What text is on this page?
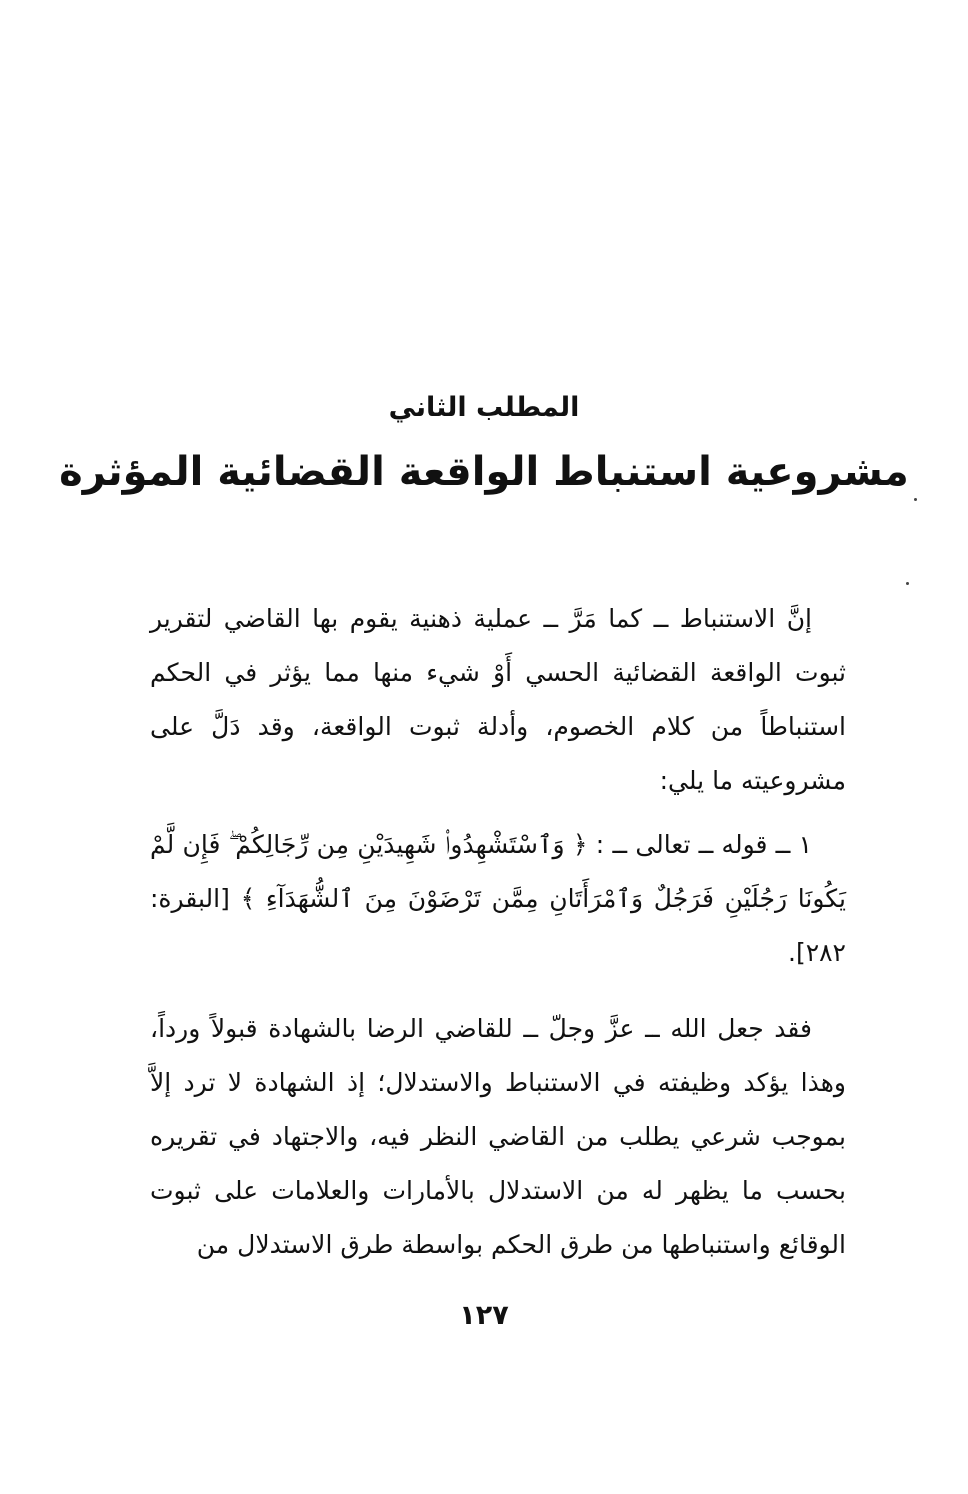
المطلب الثاني
مشروعية استنباط الواقعة القضائية المؤثرة
إنَّ الاستنباط ــ كما مَرَّ ــ عملية ذهنية يقوم بها القاضي لتقرير ثبوت الواقعة القضائية الحسي أَوْ شيء منها مما يؤثر في الحكم استنباطاً من كلام الخصوم، وأدلة ثبوت الواقعة، وقد دَلَّ على مشروعيته ما يلي:
١ ــ قوله ــ تعالى ــ : ﴿ وَٱسْتَشْهِدُوا۟ شَهِيدَيْنِ مِن رِّجَالِكُمْ ۖ فَإِن لَّمْ يَكُونَا رَجُلَيْنِ فَرَجُلٌ وَٱمْرَأَتَانِ مِمَّن تَرْضَوْنَ مِنَ ٱلشُّهَدَآءِ ﴾ [البقرة: ٢٨٢].
فقد جعل الله ــ عزَّ وجلّ ــ للقاضي الرضا بالشهادة قبولاً ورداً، وهذا يؤكد وظيفته في الاستنباط والاستدلال؛ إذ الشهادة لا ترد إلاَّ بموجب شرعي يطلب من القاضي النظر فيه، والاجتهاد في تقريره بحسب ما يظهر له من الاستدلال بالأمارات والعلامات على ثبوت الوقائع واستنباطها من طرق الحكم بواسطة طرق الاستدلال من
١٢٧
